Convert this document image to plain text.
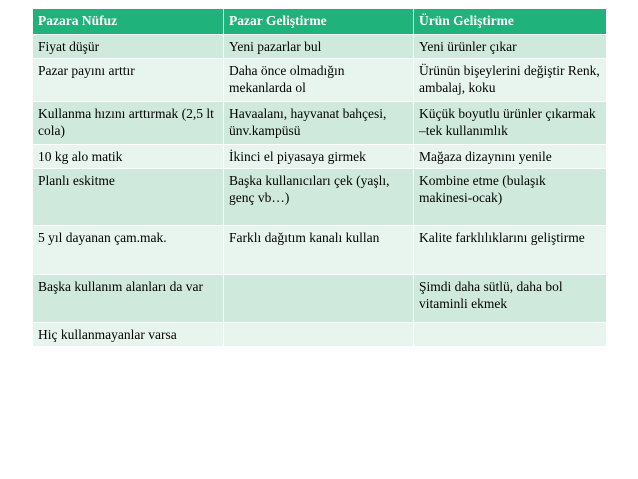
Pazara Nüfuz	Pazar Geliştirme	Ürün Geliştirme
Fiyat düşür	Yeni pazarlar bul	Yeni ürünler çıkar
Pazar payını arttır	Daha önce olmadığın mekanlarda ol	Ürünün bişeylerini değiştir Renk, ambalaj, koku
Kullanma hızını arttırmak (2,5 lt cola)	Havaalanı, hayvanat bahçesi, ünv.kampüsü	Küçük boyutlu ürünler çıkarmak –tek kullanımlık
10 kg alo matik	İkinci el piyasaya girmek	Mağaza dizaynını yenile
Planlı eskitme	Başka kullanıcıları çek (yaşlı, genç vb…)	Kombine etme (bulaşık makinesi-ocak)
5 yıl dayanan çam.mak.	Farklı dağıtım kanalı kullan	Kalite farklılıklarını geliştirme
Başka kullanım alanları da var		Şimdi daha sütlü, daha bol vitaminli ekmek
Hiç kullanmayanlar varsa		
